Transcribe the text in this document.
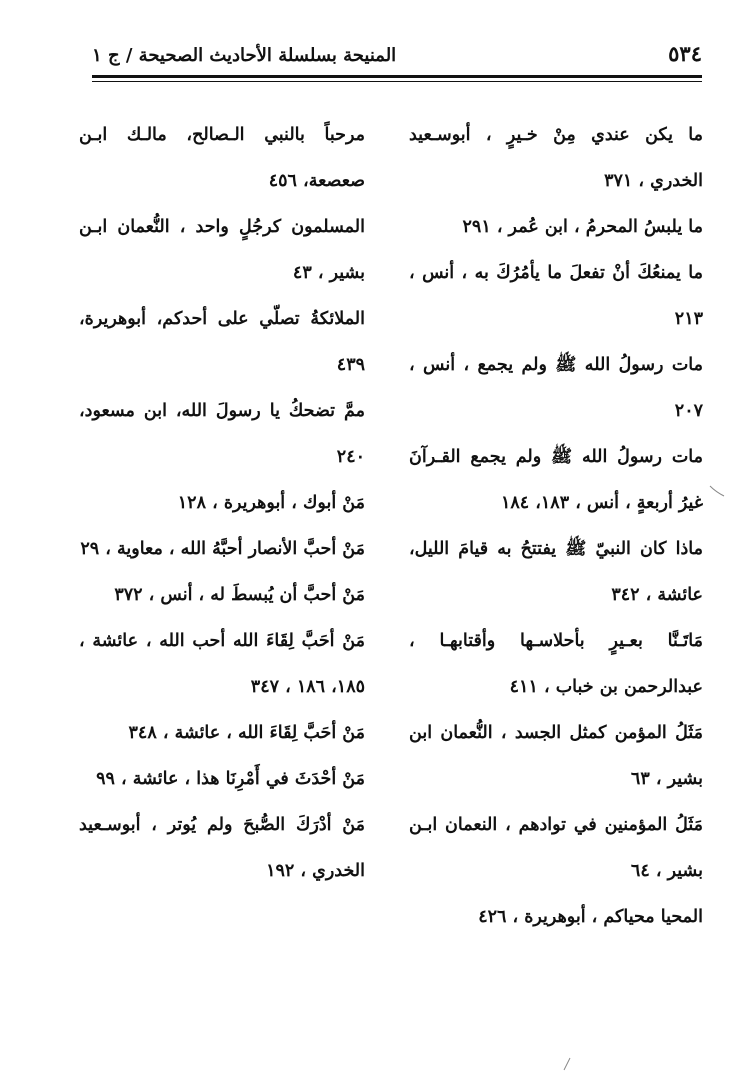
٥٣٤
المنيحة بسلسلة الأحاديث الصحيحة / ج ١

ما يكن عندي مِنْ خـيرٍ ، أبوسـعيد الخدري ، ٣٧١

ما يلبسُ المحرمُ ، ابن عُمر ، ٢٩١

ما يمنعُكَ أنْ تفعلَ ما يأمُرُكَ به ، أنس ، ٢١٣

مات رسولُ الله ﷺ ولم يجمع ، أنس ، ٢٠٧

مات رسولُ الله ﷺ ولم يجمع القـرآنَ غيرُ أربعةٍ ، أنس ، ١٨٣، ١٨٤

ماذا كان النبيّ ﷺ يفتتحُ به قيامَ الليل، عائشة ، ٣٤٢

مَاتَـنَّا بعـيرٍ بأحلاسـها وأقتابهـا ، عبدالرحمن بن خباب ، ٤١١

مَثَلُ المؤمن كمثل الجسد ، النُّعمان ابن بشير ، ٦٣

مَثَلُ المؤمنين في توادهم ، النعمان ابـن بشير ، ٦٤

المحيا محياكم ، أبوهريرة ، ٤٢٦

مرحباً بالنبي الـصالح، مالـك ابـن صعصعة، ٤٥٦

المسلمون كرجُلٍ واحد ، النُّعمان ابـن بشير ، ٤٣

الملائكةُ تصلّي على أحدكم، أبوهريرة، ٤٣٩

ممَّ تضحكُ يا رسولَ الله، ابن مسعود، ٢٤٠

مَنْ أبوك ، أبوهريرة ، ١٢٨

مَنْ أحبَّ الأنصار أحبَّهُ الله ، معاوية ، ٢٩

مَنْ أحبَّ أن يُبسطَ له ، أنس ، ٣٧٢

مَنْ أحَبَّ لِقَاءَ الله أحب الله ، عائشة ، ١٨٥، ١٨٦ ، ٣٤٧

مَنْ أحَبَّ لِقَاءَ الله ، عائشة ، ٣٤٨

مَنْ أحْدَثَ في أَمْرِنَا هذا ، عائشة ، ٩٩

مَنْ أدْرَكَ الصُّبحَ ولم يُوتر ، أبوسـعيد الخدري ، ١٩٢
